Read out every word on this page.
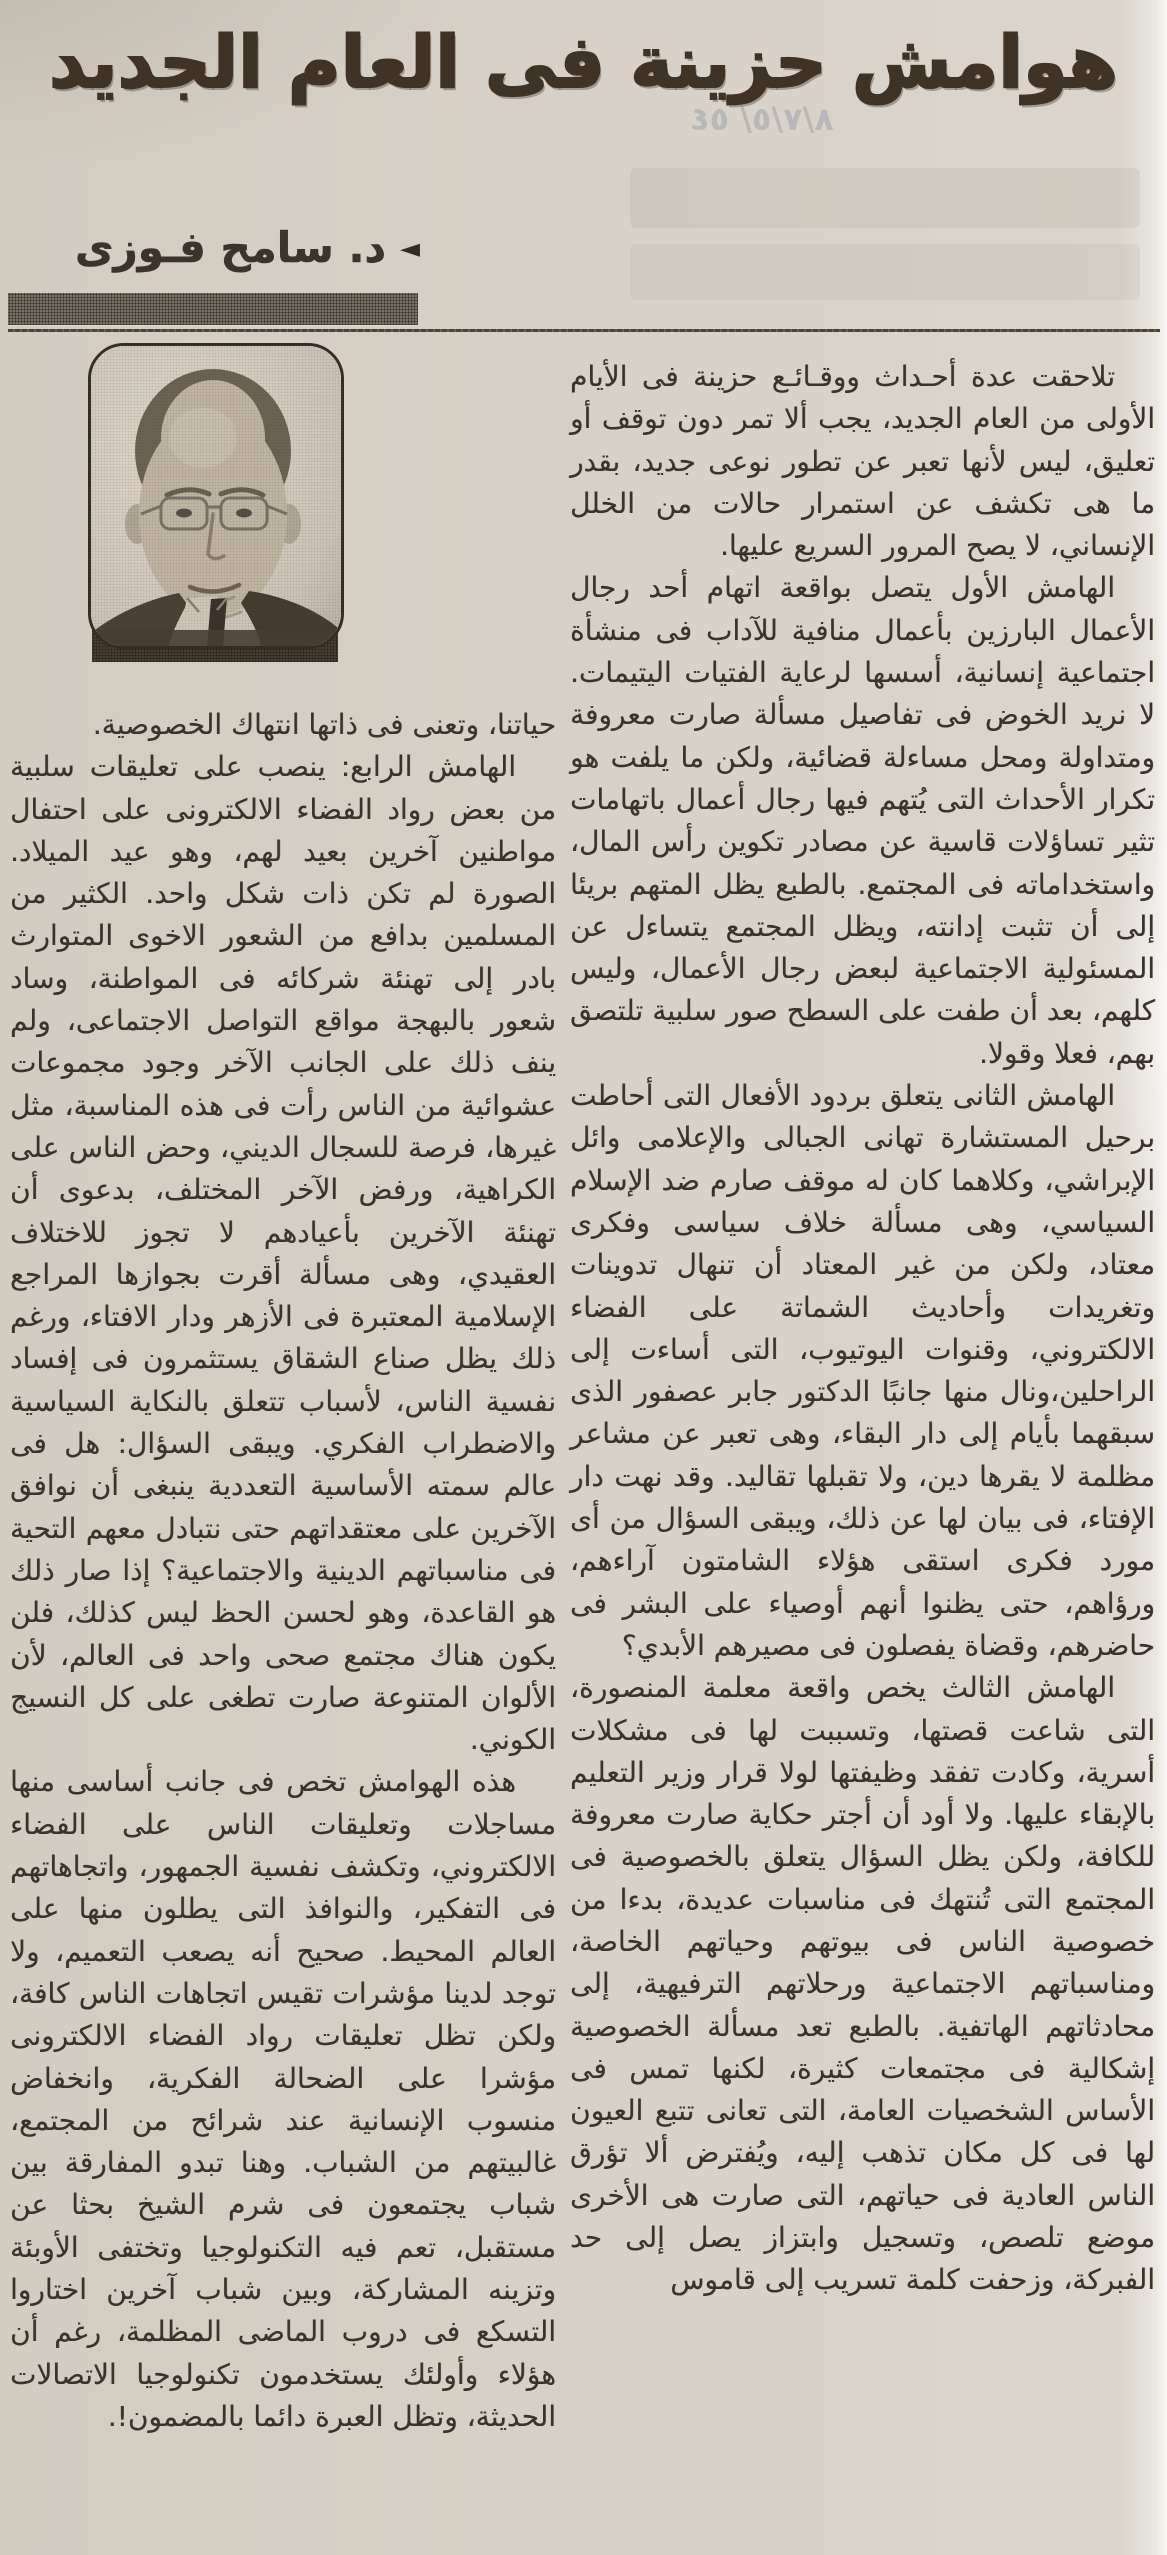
هوامش حزينة فى العام الجديد
٥٤ /٨/٧/٥
◄
د. سامح فـوزى

تلاحقت عدة أحـداث ووقـائـع حزينة فى الأيام الأولى من العام الجديد، يجب ألا تمر دون توقف أو تعليق، ليس لأنها تعبر عن تطور نوعى جديد، بقدر ما هى تكشف عن استمرار حالات من الخلل الإنساني، لا يصح المرور السريع عليها.

الهامش الأول يتصل بواقعة اتهام أحد رجال الأعمال البارزين بأعمال منافية للآداب فى منشأة اجتماعية إنسانية، أسسها لرعاية الفتيات اليتيمات. لا نريد الخوض فى تفاصيل مسألة صارت معروفة ومتداولة ومحل مساءلة قضائية، ولكن ما يلفت هو تكرار الأحداث التى يُتهم فيها رجال أعمال باتهامات تثير تساؤلات قاسية عن مصادر تكوين رأس المال، واستخداماته فى المجتمع. بالطبع يظل المتهم بريئا إلى أن تثبت إدانته، ويظل المجتمع يتساءل عن المسئولية الاجتماعية لبعض رجال الأعمال، وليس كلهم، بعد أن طفت على السطح صور سلبية تلتصق بهم، فعلا وقولا.

الهامش الثانى يتعلق بردود الأفعال التى أحاطت برحيل المستشارة تهانى الجبالى والإعلامى وائل الإبراشي، وكلاهما كان له موقف صارم ضد الإسلام السياسي، وهى مسألة خلاف سياسى وفكرى معتاد، ولكن من غير المعتاد أن تنهال تدوينات وتغريدات وأحاديث الشماتة على الفضاء الالكتروني، وقنوات اليوتيوب، التى أساءت إلى الراحلين،ونال منها جانبًا الدكتور جابر عصفور الذى سبقهما بأيام إلى دار البقاء، وهى تعبر عن مشاعر مظلمة لا يقرها دين، ولا تقبلها تقاليد. وقد نهت دار الإفتاء، فى بيان لها عن ذلك، ويبقى السؤال من أى مورد فكرى استقى هؤلاء الشامتون آراءهم، ورؤاهم، حتى يظنوا أنهم أوصياء على البشر فى حاضرهم، وقضاة يفصلون فى مصيرهم الأبدي؟

الهامش الثالث يخص واقعة معلمة المنصورة، التى شاعت قصتها، وتسببت لها فى مشكلات أسرية، وكادت تفقد وظيفتها لولا قرار وزير التعليم بالإبقاء عليها. ولا أود أن أجتر حكاية صارت معروفة للكافة، ولكن يظل السؤال يتعلق بالخصوصية فى المجتمع التى تُنتهك فى مناسبات عديدة، بدءا من خصوصية الناس فى بيوتهم وحياتهم الخاصة، ومناسباتهم الاجتماعية ورحلاتهم الترفيهية، إلى محادثاتهم الهاتفية. بالطبع تعد مسألة الخصوصية إشكالية فى مجتمعات كثيرة، لكنها تمس فى الأساس الشخصيات العامة، التى تعانى تتبع العيون لها فى كل مكان تذهب إليه، ويُفترض ألا تؤرق الناس العادية فى حياتهم، التى صارت هى الأخرى موضع تلصص، وتسجيل وابتزاز يصل إلى حد الفبركة، وزحفت كلمة تسريب إلى قاموس

حياتنا، وتعنى فى ذاتها انتهاك الخصوصية.

الهامش الرابع: ينصب على تعليقات سلبية من بعض رواد الفضاء الالكترونى على احتفال مواطنين آخرين بعيد لهم، وهو عيد الميلاد. الصورة لم تكن ذات شكل واحد. الكثير من المسلمين بدافع من الشعور الاخوى المتوارث بادر إلى تهنئة شركائه فى المواطنة، وساد شعور بالبهجة مواقع التواصل الاجتماعى، ولم ينف ذلك على الجانب الآخر وجود مجموعات عشوائية من الناس رأت فى هذه المناسبة، مثل غيرها، فرصة للسجال الديني، وحض الناس على الكراهية، ورفض الآخر المختلف، بدعوى أن تهنئة الآخرين بأعيادهم لا تجوز للاختلاف العقيدي، وهى مسألة أقرت بجوازها المراجع الإسلامية المعتبرة فى الأزهر ودار الافتاء، ورغم ذلك يظل صناع الشقاق يستثمرون فى إفساد نفسية الناس، لأسباب تتعلق بالنكاية السياسية والاضطراب الفكري. ويبقى السؤال: هل فى عالم سمته الأساسية التعددية ينبغى أن نوافق الآخرين على معتقداتهم حتى نتبادل معهم التحية فى مناسباتهم الدينية والاجتماعية؟ إذا صار ذلك هو القاعدة، وهو لحسن الحظ ليس كذلك، فلن يكون هناك مجتمع صحى واحد فى العالم، لأن الألوان المتنوعة صارت تطغى على كل النسيج الكوني.

هذه الهوامش تخص فى جانب أساسى منها مساجلات وتعليقات الناس على الفضاء الالكتروني، وتكشف نفسية الجمهور، واتجاهاتهم فى التفكير، والنوافذ التى يطلون منها على العالم المحيط. صحيح أنه يصعب التعميم، ولا توجد لدينا مؤشرات تقيس اتجاهات الناس كافة، ولكن تظل تعليقات رواد الفضاء الالكترونى مؤشرا على الضحالة الفكرية، وانخفاض منسوب الإنسانية عند شرائح من المجتمع، غالبيتهم من الشباب. وهنا تبدو المفارقة بين شباب يجتمعون فى شرم الشيخ بحثا عن مستقبل، تعم فيه التكنولوجيا وتختفى الأوبئة وتزينه المشاركة، وبين شباب آخرين اختاروا التسكع فى دروب الماضى المظلمة، رغم أن هؤلاء وأولئك يستخدمون تكنولوجيا الاتصالات الحديثة، وتظل العبرة دائما بالمضمون!.
